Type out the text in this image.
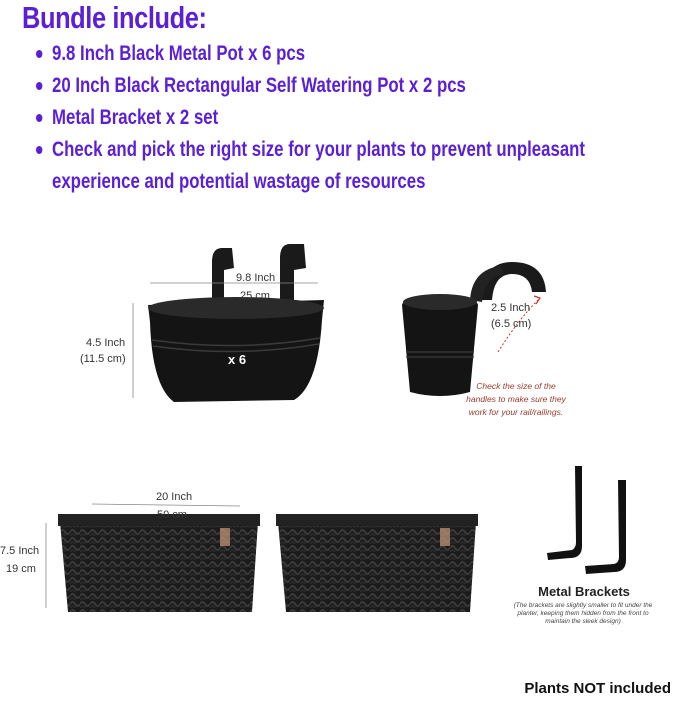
Bundle include:
9.8 Inch Black Metal Pot x 6 pcs
20 Inch Black Rectangular Self Watering Pot x 2 pcs
Metal Bracket x 2 set
Check and pick the right size for your plants to prevent unpleasant
experience and potential wastage of resources
9.8 Inch
25 cm
4.5 Inch
(11.5 cm)	x 6
2.5 Inch
(6.5 cm)
Check the size of the
handles to make sure they
work for your rail/railings.
20 Inch
50 cm
7.5 Inch
19 cm
Metal Brackets
(The brackets are slightly smaller to fit under the planter, keeping them hidden from the front to maintain the sleek design)
Plants NOT included
